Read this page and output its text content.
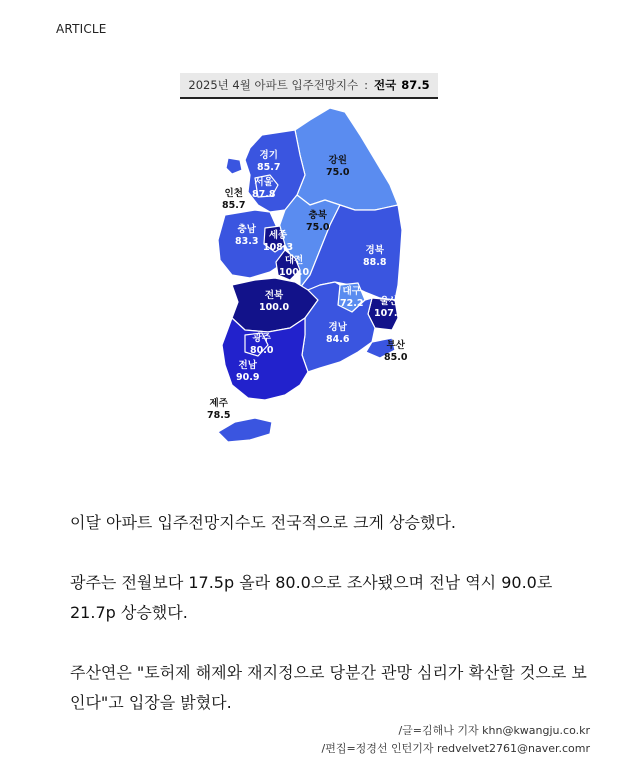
ARTICLE
2025년 4월 아파트 입주전망지수 : 전국 87.5
경기
85.7
서울
87.8
인천
85.7
강원
75.0
충북
75.0
충남
83.3
세종
108.3
대전
100.0
경북
88.8
전북
100.0
대구
72.2	울산
107.6
경남
84.6
부산
85.0
광주
80.0
전남
90.9
제주
78.5

이달 아파트 입주전망지수도 전국적으로 크게 상승했다.

광주는 전월보다 17.5p 올라 80.0으로 조사됐으며 전남 역시 90.0로 21.7p 상승했다.

주산연은 "토허제 해제와 재지정으로 당분간 관망 심리가 확산할 것으로 보인다"고 입장을 밝혔다.

/글=김해나 기자 khn@kwangju.co.kr
/편집=정경선 인턴기자 redvelvet2761@naver.comr
